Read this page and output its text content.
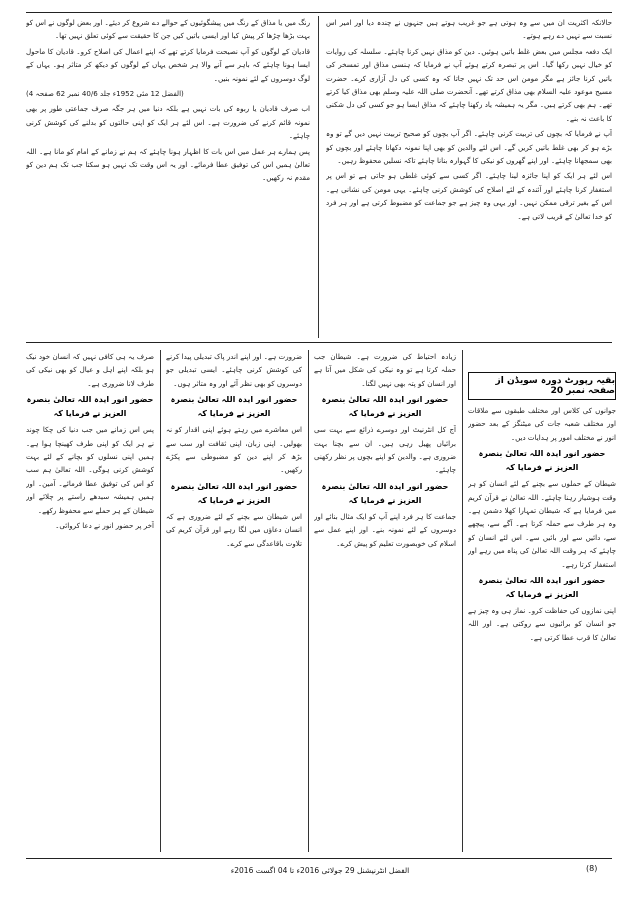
حالانکہ اکثریت ان میں سے وہ ہوتی ہے جو غریب ہوتے ہیں جنہوں نے چندہ دیا اور امیر اس نسبت سے نہیں دے رہے ہوتے۔

ایک دفعہ مجلس میں بعض غلط باتیں ہوئیں۔ دین کو مذاق نہیں کرنا چاہئے۔ سلسلہ کی روایات کو خیال نہیں رکھا گیا۔ اس پر تبصرہ کرتے ہوئے آپ نے فرمایا کہ ہنسی مذاق اور تمسخر کی باتیں کرنا جائز ہے مگر مومن اس حد تک نہیں جاتا کہ وہ کسی کی دل آزاری کرے۔ حضرت مسیح موعود علیہ السلام بھی مذاق کرتے تھے۔ آنحضرت صلی اللہ علیہ وسلم بھی مذاق کیا کرتے تھے۔ ہم بھی کرتے ہیں۔ مگر یہ ہمیشہ یاد رکھنا چاہئے کہ مذاق ایسا ہو جو کسی کی دل شکنی کا باعث نہ بنے۔

آپ نے فرمایا کہ بچوں کی تربیت کرنی چاہئے۔ اگر آپ بچوں کو صحیح تربیت نہیں دیں گے تو وہ بڑے ہو کر بھی غلط باتیں کریں گے۔ اس لئے والدین کو بھی اپنا نمونہ دکھانا چاہئے اور بچوں کو بھی سمجھانا چاہئے۔ اور اپنے گھروں کو نیکی کا گہوارہ بنانا چاہئے تاکہ نسلیں محفوظ رہیں۔

اس لئے ہر ایک کو اپنا جائزہ لینا چاہئے۔ اگر کسی سے کوئی غلطی ہو جاتی ہے تو اس پر استغفار کرنا چاہئے اور آئندہ کے لئے اصلاح کی کوشش کرنی چاہئے۔ یہی مومن کی نشانی ہے۔ اس کے بغیر ترقی ممکن نہیں۔ اور یہی وہ چیز ہے جو جماعت کو مضبوط کرتی ہے اور ہر فرد کو خدا تعالیٰ کے قریب لاتی ہے۔

رنگ میں یا مذاق کے رنگ میں پیشگوئیوں کے حوالے دے شروع کر دیئے۔ اور بعض لوگوں نے اس کو بہت بڑھا چڑھا کر پیش کیا اور ایسی باتیں کیں جن کا حقیقت سے کوئی تعلق نہیں تھا۔

قادیان کے لوگوں کو آپ نصیحت فرمایا کرتے تھے کہ اپنے اعمال کی اصلاح کرو۔ قادیان کا ماحول ایسا ہونا چاہئے کہ باہر سے آنے والا ہر شخص یہاں کے لوگوں کو دیکھ کر متاثر ہو۔ یہاں کے لوگ دوسروں کے لئے نمونہ بنیں۔

(الفضل 12 مئی 1952ء جلد 40/6 نمبر 62 صفحہ 4)

اب صرف قادیان یا ربوہ کی بات نہیں ہے بلکہ دنیا میں ہر جگہ صرف جماعتی طور پر بھی نمونہ قائم کرنے کی ضرورت ہے۔ اس لئے ہر ایک کو اپنی حالتوں کو بدلنے کی کوشش کرنی چاہئے۔

پس ہمارے ہر عمل میں اس بات کا اظہار ہونا چاہئے کہ ہم نے زمانے کے امام کو مانا ہے۔ اللہ تعالیٰ ہمیں اس کی توفیق عطا فرمائے۔ اور یہ اس وقت تک نہیں ہو سکتا جب تک ہم دین کو مقدم نہ رکھیں۔

بقیہ رپورٹ دورہ سویڈن از صفحہ نمبر 20

جوانوں کی کلاس اور مختلف طبقوں سے ملاقات اور مختلف شعبہ جات کی میٹنگز کے بعد حضور انور نے مختلف امور پر ہدایات دیں۔

حضور انور ایدہ اللہ تعالیٰ بنصرہ العزیز نے فرمایا کہ

شیطان کے حملوں سے بچنے کے لئے انسان کو ہر وقت ہوشیار رہنا چاہئے۔ اللہ تعالیٰ نے قرآن کریم میں فرمایا ہے کہ شیطان تمہارا کھلا دشمن ہے۔ وہ ہر طرف سے حملہ کرتا ہے۔ آگے سے، پیچھے سے، دائیں سے اور بائیں سے۔ اس لئے انسان کو چاہئے کہ ہر وقت اللہ تعالیٰ کی پناہ میں رہے اور استغفار کرتا رہے۔

حضور انور ایدہ اللہ تعالیٰ بنصرہ العزیز نے فرمایا کہ

اپنی نمازوں کی حفاظت کرو۔ نماز ہی وہ چیز ہے جو انسان کو برائیوں سے روکتی ہے۔ اور اللہ تعالیٰ کا قرب عطا کرتی ہے۔

زیادہ احتیاط کی ضرورت ہے۔ شیطان جب حملہ کرتا ہے تو وہ نیکی کی شکل میں آتا ہے اور انسان کو پتہ بھی نہیں لگتا۔

حضور انور ایدہ اللہ تعالیٰ بنصرہ العزیز نے فرمایا کہ

آج کل انٹرنیٹ اور دوسرے ذرائع سے بہت سی برائیاں پھیل رہی ہیں۔ ان سے بچنا بہت ضروری ہے۔ والدین کو اپنے بچوں پر نظر رکھنی چاہئے۔

حضور انور ایدہ اللہ تعالیٰ بنصرہ العزیز نے فرمایا کہ

جماعت کا ہر فرد اپنے آپ کو ایک مثال بنائے اور دوسروں کے لئے نمونہ بنے۔ اور اپنے عمل سے اسلام کی خوبصورت تعلیم کو پیش کرے۔

ضرورت ہے۔ اور اپنے اندر پاک تبدیلی پیدا کرنے کی کوشش کرنی چاہئے۔ ایسی تبدیلی جو دوسروں کو بھی نظر آئے اور وہ متاثر ہوں۔

حضور انور ایدہ اللہ تعالیٰ بنصرہ العزیز نے فرمایا کہ

اس معاشرے میں رہتے ہوئے اپنی اقدار کو نہ بھولیں۔ اپنی زبان، اپنی ثقافت اور سب سے بڑھ کر اپنے دین کو مضبوطی سے پکڑے رکھیں۔

حضور انور ایدہ اللہ تعالیٰ بنصرہ العزیز نے فرمایا کہ

اس شیطان سے بچنے کے لئے ضروری ہے کہ انسان دعاؤں میں لگا رہے اور قرآن کریم کی تلاوت باقاعدگی سے کرے۔

صرف یہ ہی کافی نہیں کہ انسان خود نیک ہو بلکہ اپنے اہل و عیال کو بھی نیکی کی طرف لانا ضروری ہے۔

حضور انور ایدہ اللہ تعالیٰ بنصرہ العزیز نے فرمایا کہ

پس اس زمانے میں جب دنیا کی چکا چوند نے ہر ایک کو اپنی طرف کھینچا ہوا ہے۔ ہمیں اپنی نسلوں کو بچانے کے لئے بہت کوشش کرنی ہوگی۔ اللہ تعالیٰ ہم سب کو اس کی توفیق عطا فرمائے۔ آمین۔ اور ہمیں ہمیشہ سیدھے راستے پر چلائے اور شیطان کے ہر حملے سے محفوظ رکھے۔

آخر پر حضور انور نے دعا کروائی۔

الفضل انٹرنیشنل 29 جولائی 2016ء تا 04 اگست 2016ء	(8)
